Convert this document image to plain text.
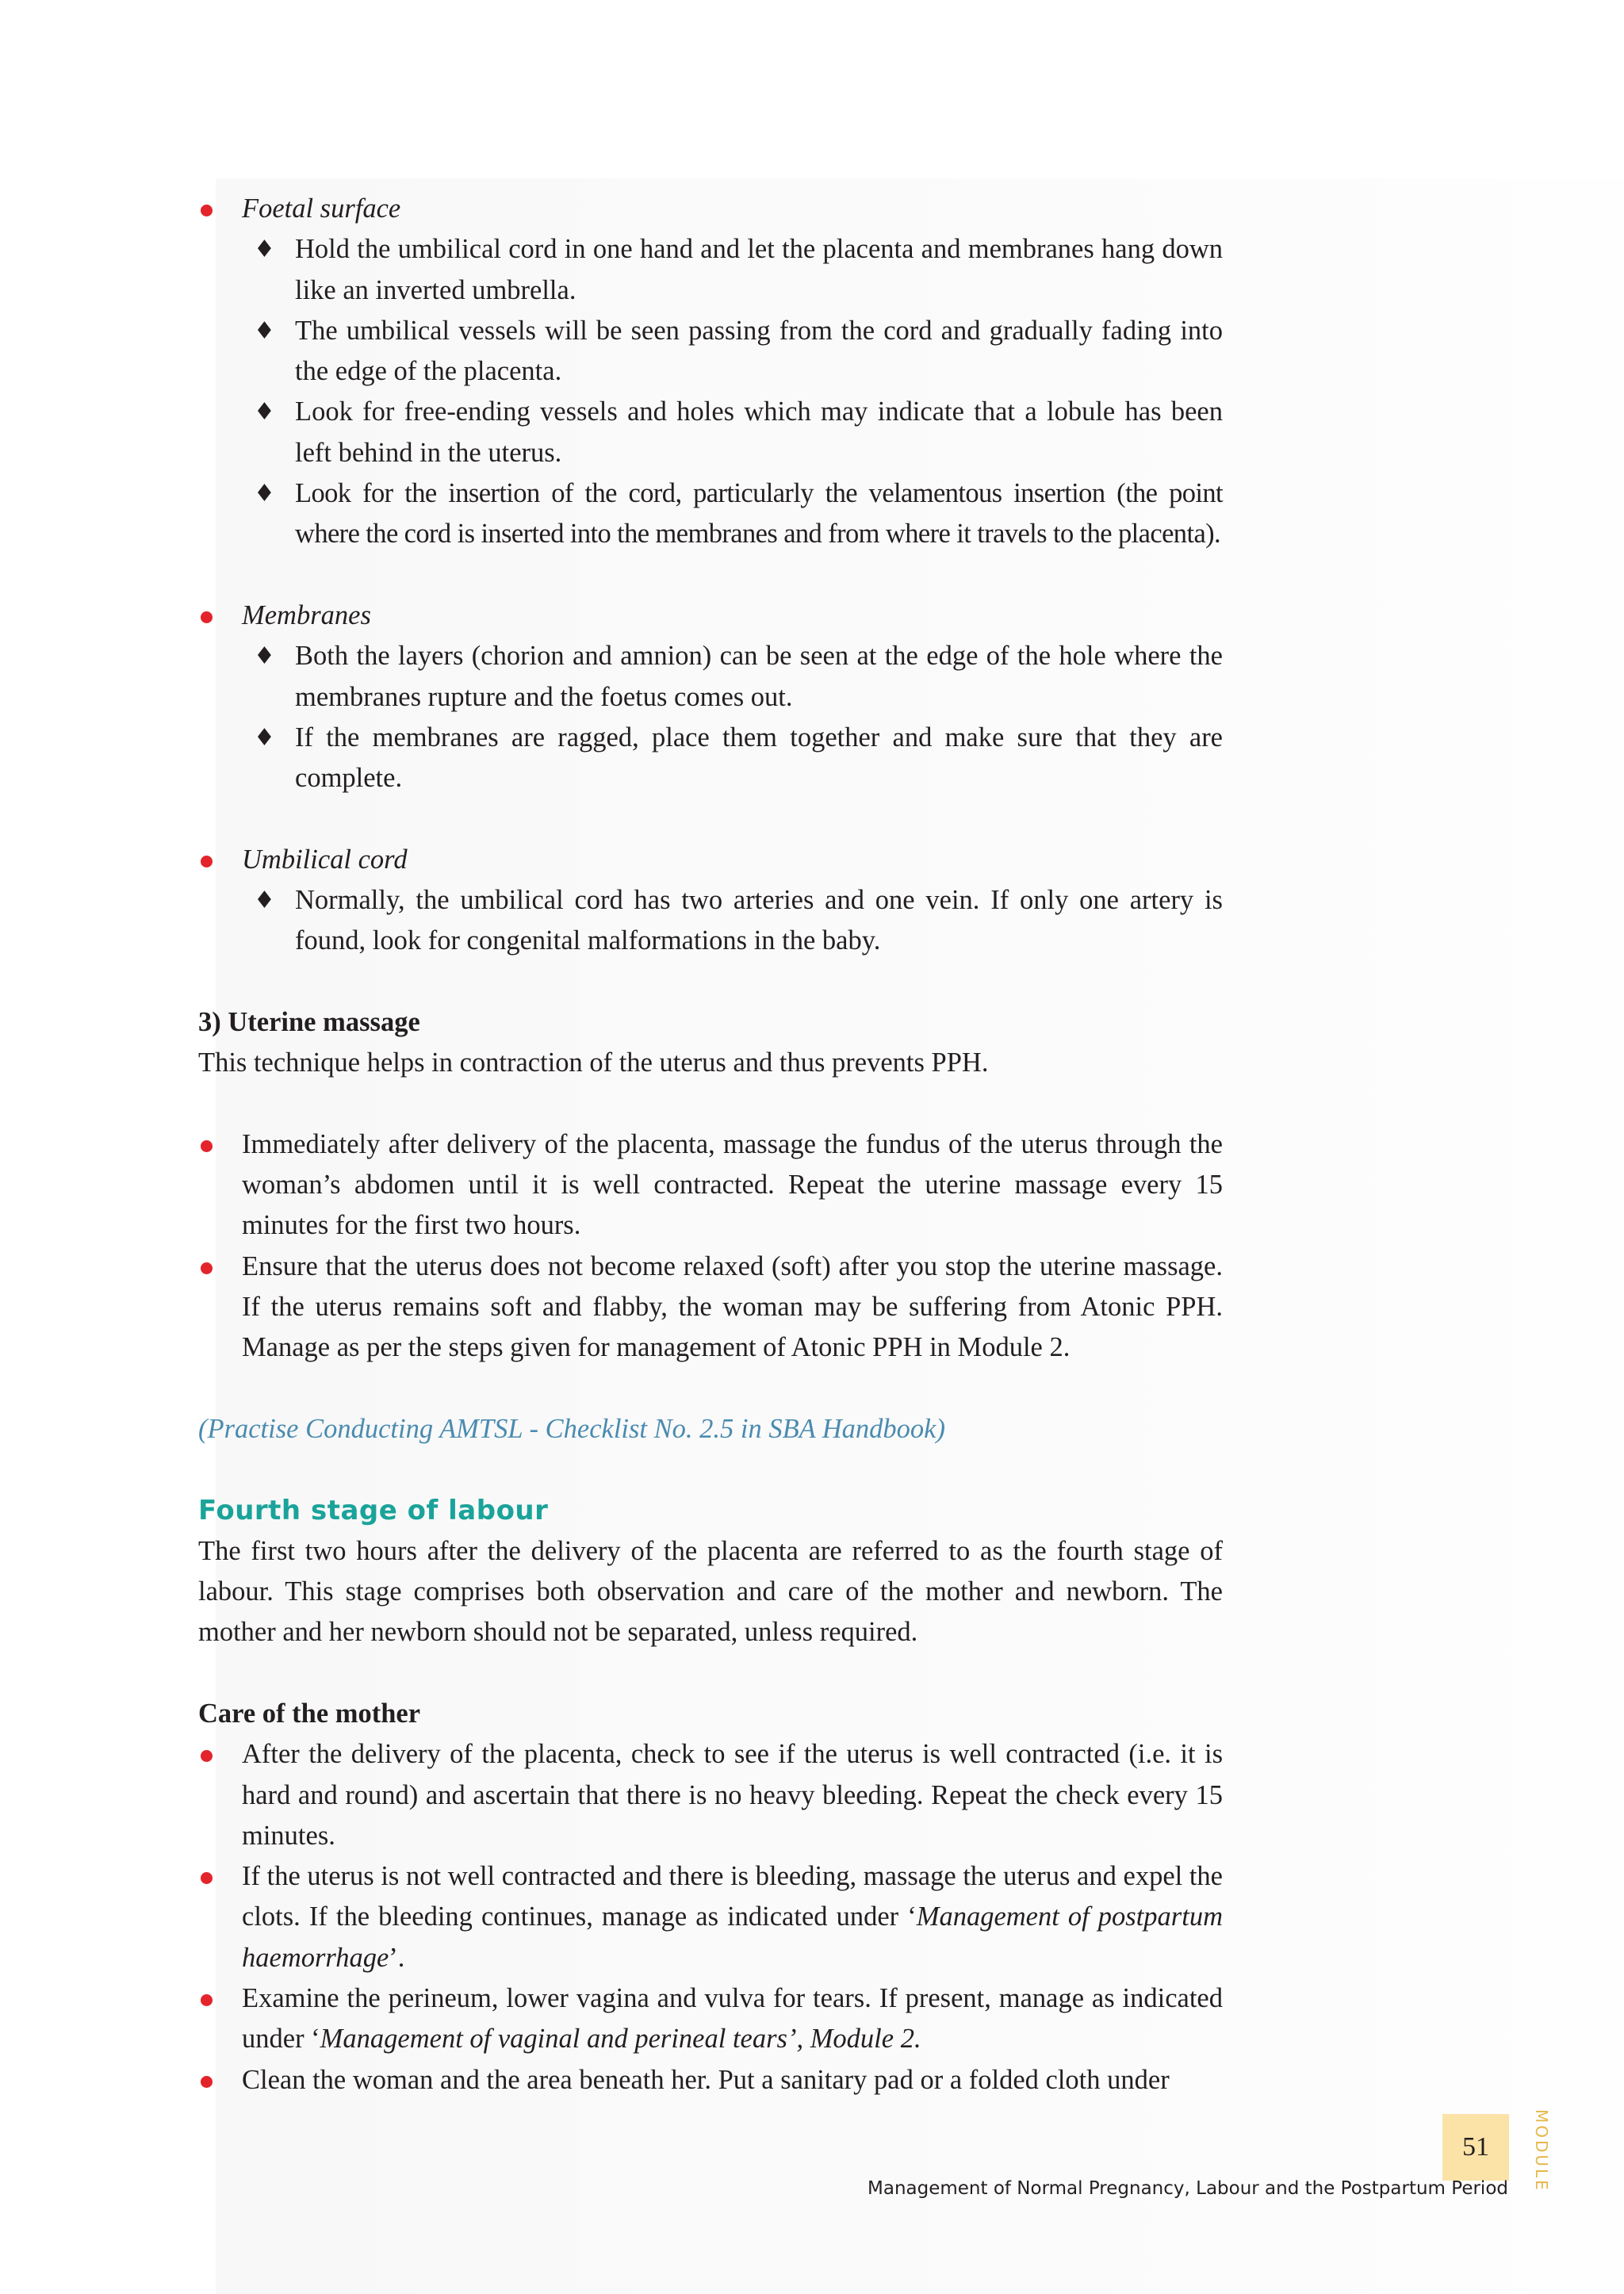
Foetal surface
♦ Hold the umbilical cord in one hand and let the placenta and membranes hang down like an inverted umbrella.
♦ The umbilical vessels will be seen passing from the cord and gradually fading into the edge of the placenta.
♦ Look for free-ending vessels and holes which may indicate that a lobule has been left behind in the uterus.
♦ Look for the insertion of the cord, particularly the velamentous insertion (the point where the cord is inserted into the membranes and from where it travels to the placenta).
Membranes
♦ Both the layers (chorion and amnion) can be seen at the edge of the hole where the membranes rupture and the foetus comes out.
♦ If the membranes are ragged, place them together and make sure that they are complete.
Umbilical cord
♦ Normally, the umbilical cord has two arteries and one vein. If only one artery is found, look for congenital malformations in the baby.
3) Uterine massage
This technique helps in contraction of the uterus and thus prevents PPH.
Immediately after delivery of the placenta, massage the fundus of the uterus through the woman’s abdomen until it is well contracted. Repeat the uterine massage every 15 minutes for the first two hours.
Ensure that the uterus does not become relaxed (soft) after you stop the uterine massage. If the uterus remains soft and flabby, the woman may be suffering from Atonic PPH. Manage as per the steps given for management of Atonic PPH in Module 2.
(Practise Conducting AMTSL - Checklist No. 2.5 in SBA Handbook)
Fourth stage of labour
The first two hours after the delivery of the placenta are referred to as the fourth stage of labour. This stage comprises both observation and care of the mother and newborn. The mother and her newborn should not be separated, unless required.
Care of the mother
After the delivery of the placenta, check to see if the uterus is well contracted (i.e. it is hard and round) and ascertain that there is no heavy bleeding. Repeat the check every 15 minutes.
If the uterus is not well contracted and there is bleeding, massage the uterus and expel the clots. If the bleeding continues, manage as indicated under ‘Management of postpartum haemorrhage’.
Examine the perineum, lower vagina and vulva for tears. If present, manage as indicated under ‘Management of vaginal and perineal tears’, Module 2.
Clean the woman and the area beneath her. Put a sanitary pad or a folded cloth under
51	MODULE
Management of Normal Pregnancy, Labour and the Postpartum Period
